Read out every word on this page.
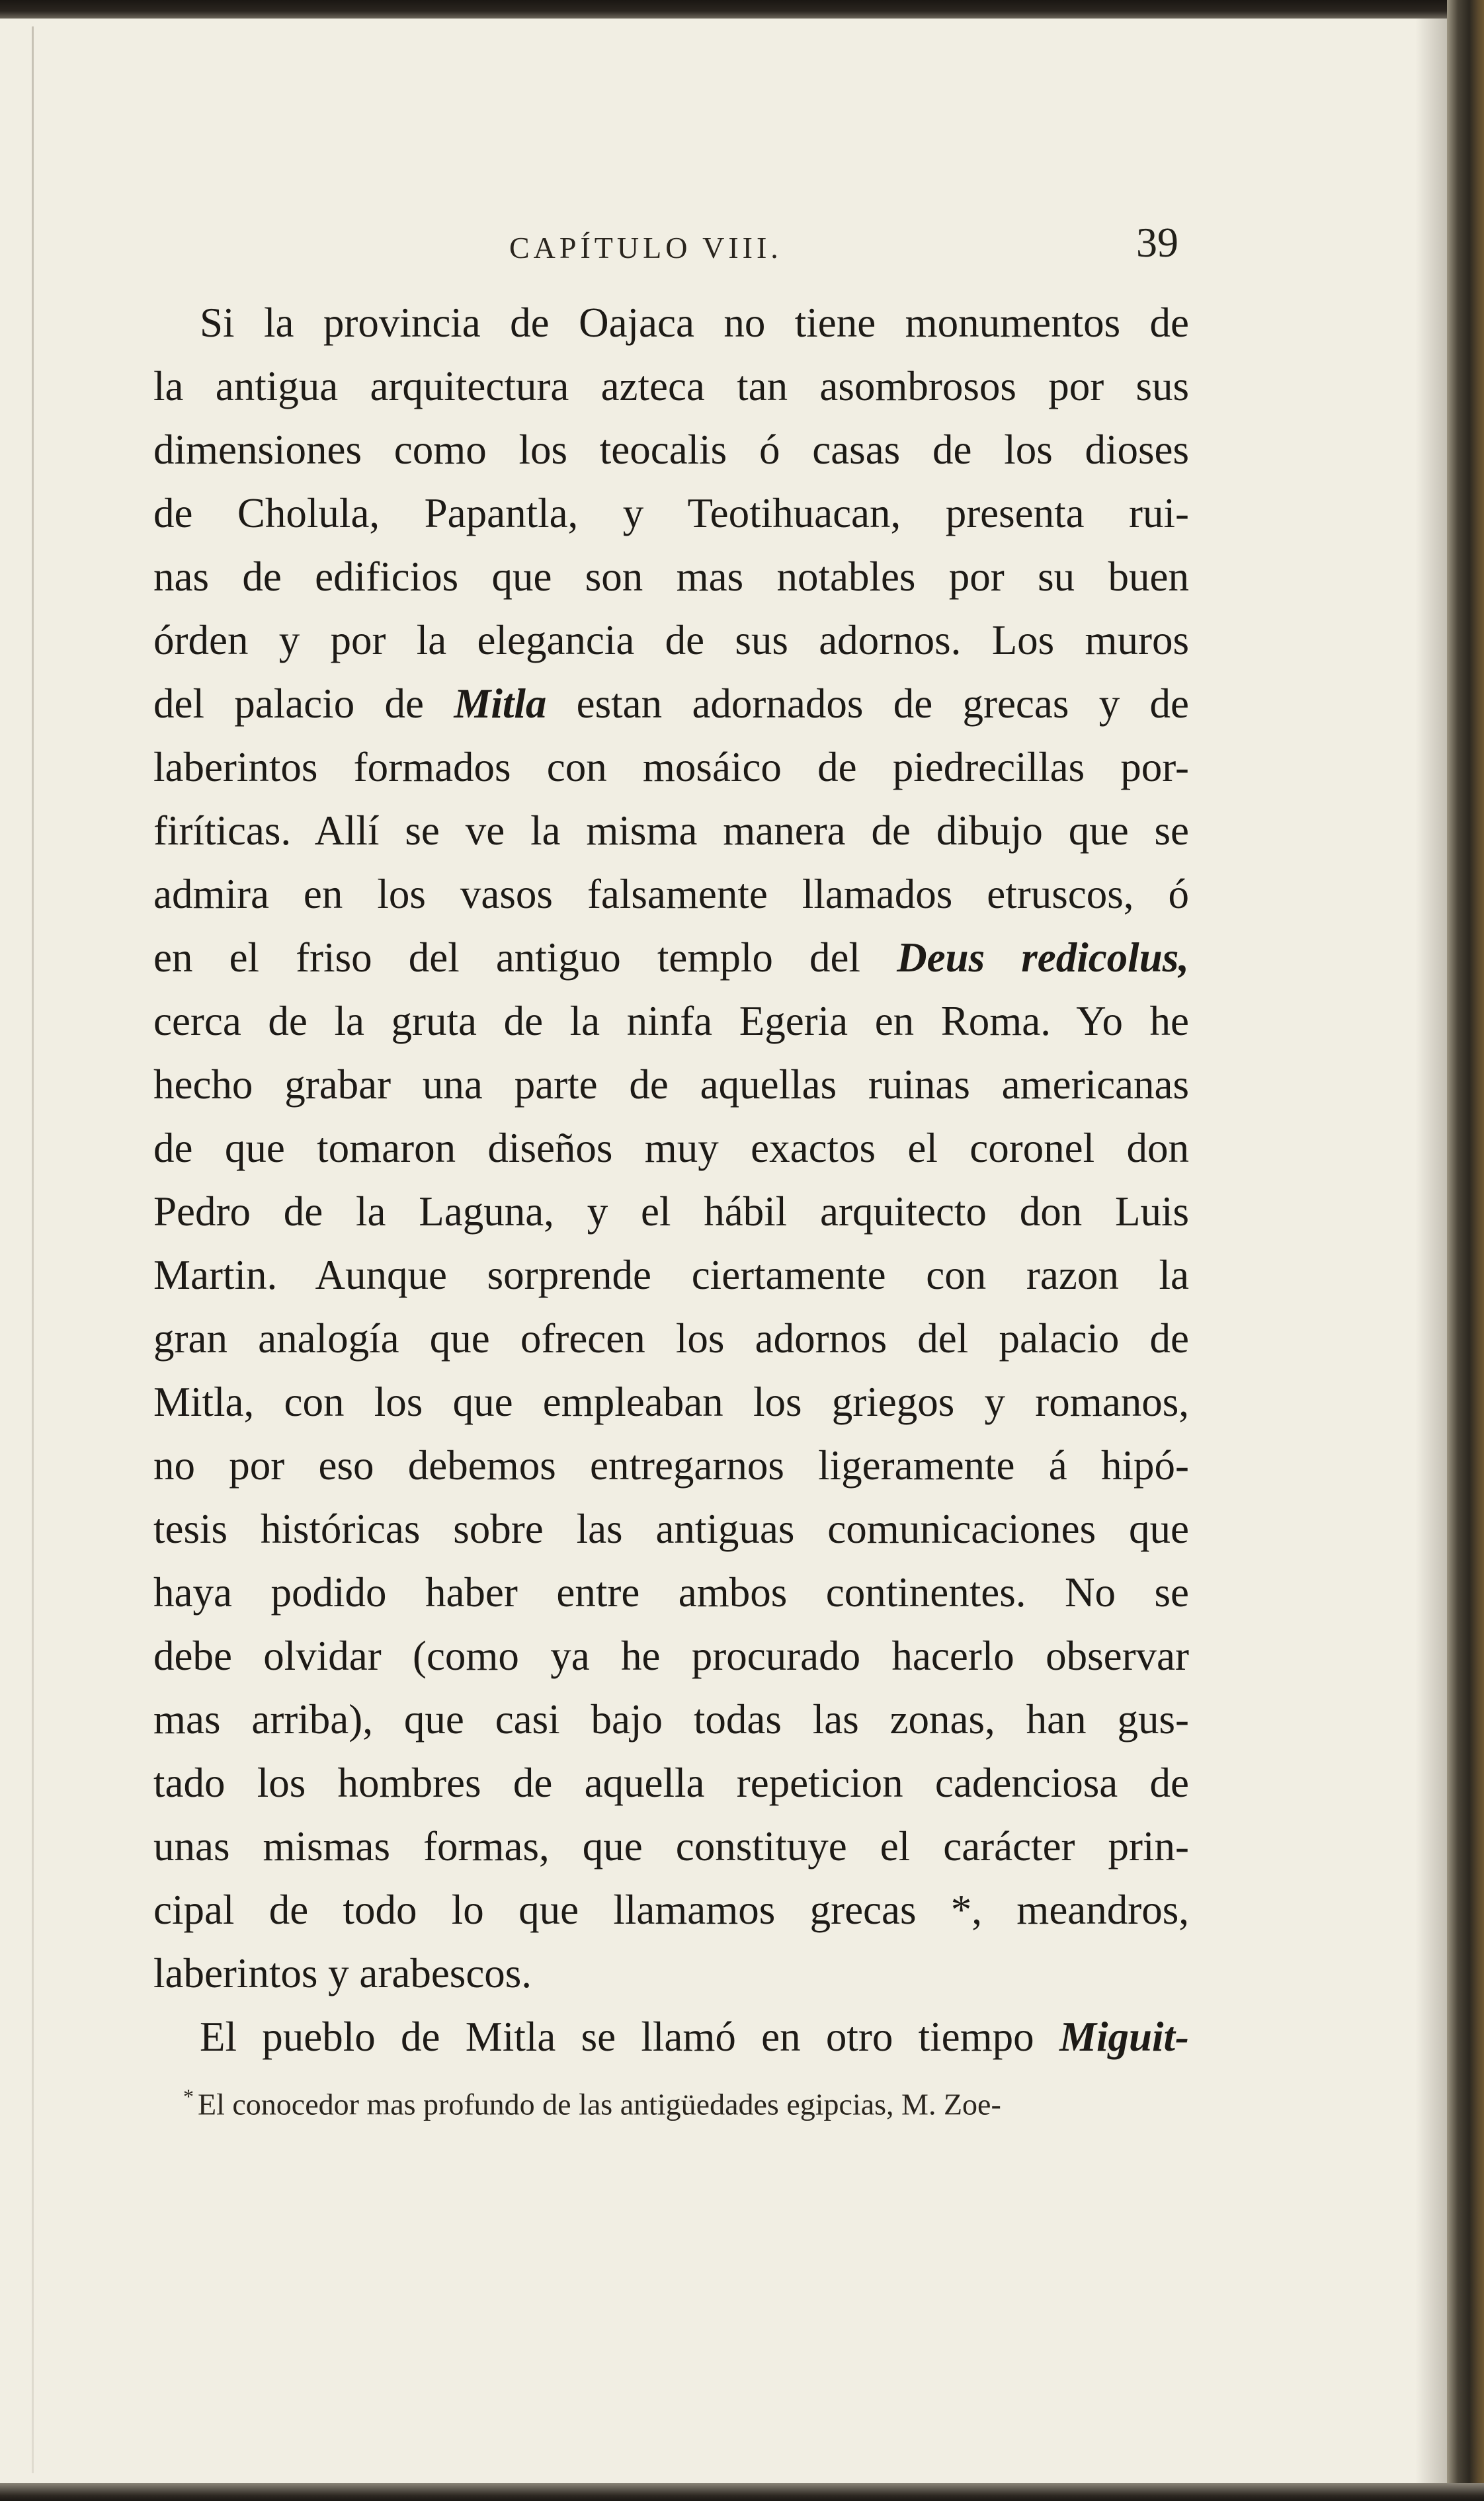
CAPÍTULO VIII.	39
Si la provincia de Oajaca no tiene monumentos de
la antigua arquitectura azteca tan asombrosos por sus
dimensiones como los teocalis ó casas de los dioses
de Cholula, Papantla, y Teotihuacan, presenta rui-
nas de edificios que son mas notables por su buen
órden y por la elegancia de sus adornos. Los muros
del palacio de Mitla estan adornados de grecas y de
laberintos formados con mosáico de piedrecillas por-
firíticas. Allí se ve la misma manera de dibujo que se
admira en los vasos falsamente llamados etruscos, ó
en el friso del antiguo templo del Deus redicolus,
cerca de la gruta de la ninfa Egeria en Roma. Yo he
hecho grabar una parte de aquellas ruinas americanas
de que tomaron diseños muy exactos el coronel don
Pedro de la Laguna, y el hábil arquitecto don Luis
Martin. Aunque sorprende ciertamente con razon la
gran analogía que ofrecen los adornos del palacio de
Mitla, con los que empleaban los griegos y romanos,
no por eso debemos entregarnos ligeramente á hipó-
tesis históricas sobre las antiguas comunicaciones que
haya podido haber entre ambos continentes. No se
debe olvidar (como ya he procurado hacerlo observar
mas arriba), que casi bajo todas las zonas, han gus-
tado los hombres de aquella repeticion cadenciosa de
unas mismas formas, que constituye el carácter prin-
cipal de todo lo que llamamos grecas *, meandros,
laberintos y arabescos.
El pueblo de Mitla se llamó en otro tiempo Miguit-
* El conocedor mas profundo de las antigüedades egipcias, M. Zoe-
